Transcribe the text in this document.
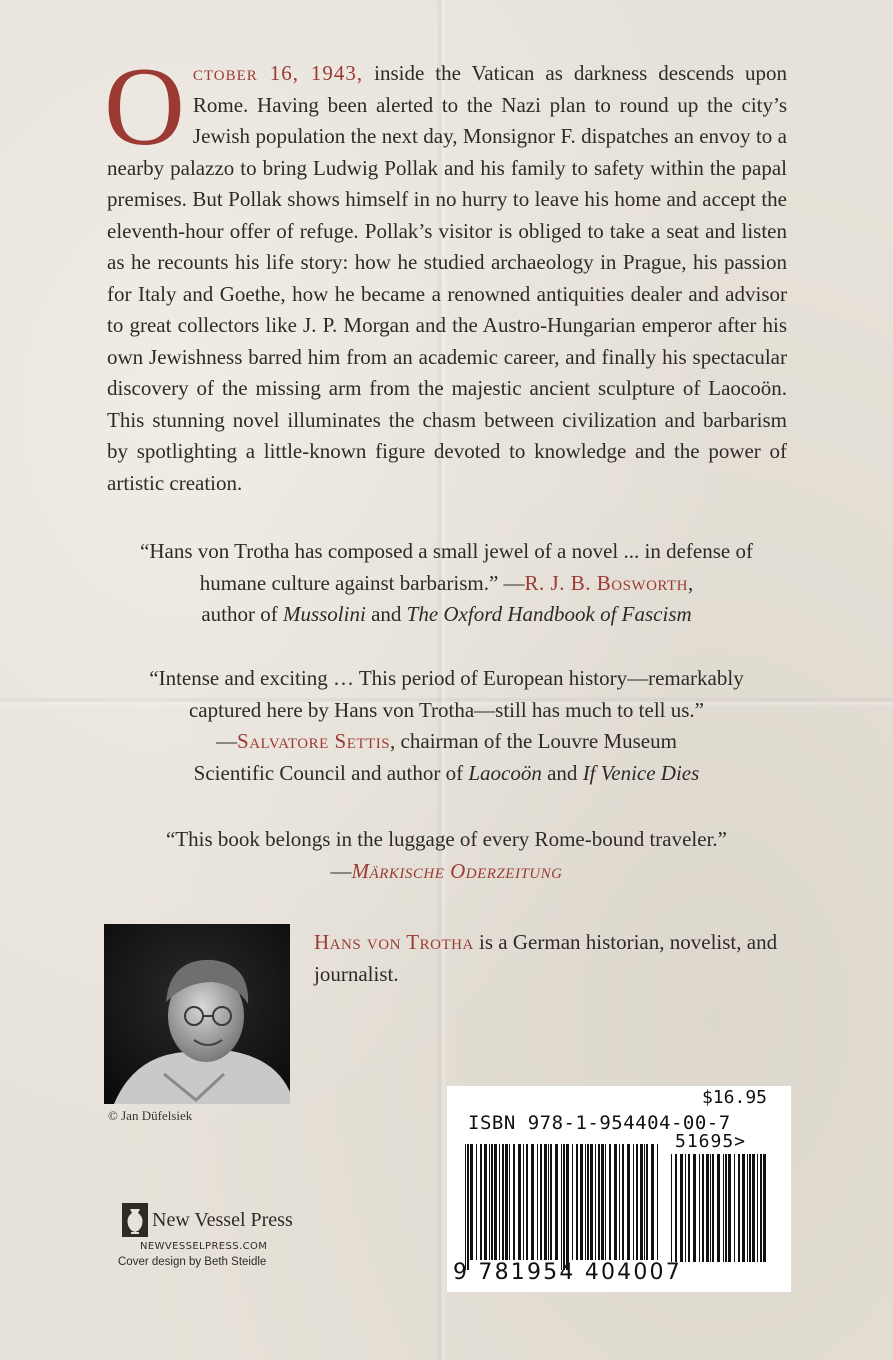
October 16, 1943, inside the Vatican as darkness descends upon Rome. Having been alerted to the Nazi plan to round up the city’s Jewish population the next day, Monsignor F. dispatches an envoy to a nearby palazzo to bring Ludwig Pollak and his family to safety within the papal premises. But Pollak shows himself in no hurry to leave his home and accept the eleventh-hour offer of refuge. Pollak’s visitor is obliged to take a seat and listen as he recounts his life story: how he studied archaeology in Prague, his passion for Italy and Goethe, how he became a renowned antiquities dealer and advisor to great collectors like J. P. Morgan and the Austro-Hungarian emperor after his own Jewishness barred him from an academic career, and finally his spectacular discovery of the missing arm from the majestic ancient sculpture of Laocoön. This stunning novel illuminates the chasm between civilization and barbarism by spotlighting a little-known figure devoted to knowledge and the power of artistic creation.
“Hans von Trotha has composed a small jewel of a novel ... in defense of
humane culture against barbarism.” —R. J. B. Bosworth,
author of Mussolini and The Oxford Handbook of Fascism
“Intense and exciting … This period of European history—remarkably
captured here by Hans von Trotha—still has much to tell us.”
—Salvatore Settis, chairman of the Louvre Museum
Scientific Council and author of Laocoön and If Venice Dies
“This book belongs in the luggage of every Rome-bound traveler.”
—Märkische Oderzeitung
© Jan Düfelsiek
Hans von Trotha is a German historian, novelist, and journalist.
New Vessel Press
NEWVESSELPRESS.COM
Cover design by Beth Steidle
$16.95
ISBN 978-1-954404-00-7
51695>
9 781954 404007
